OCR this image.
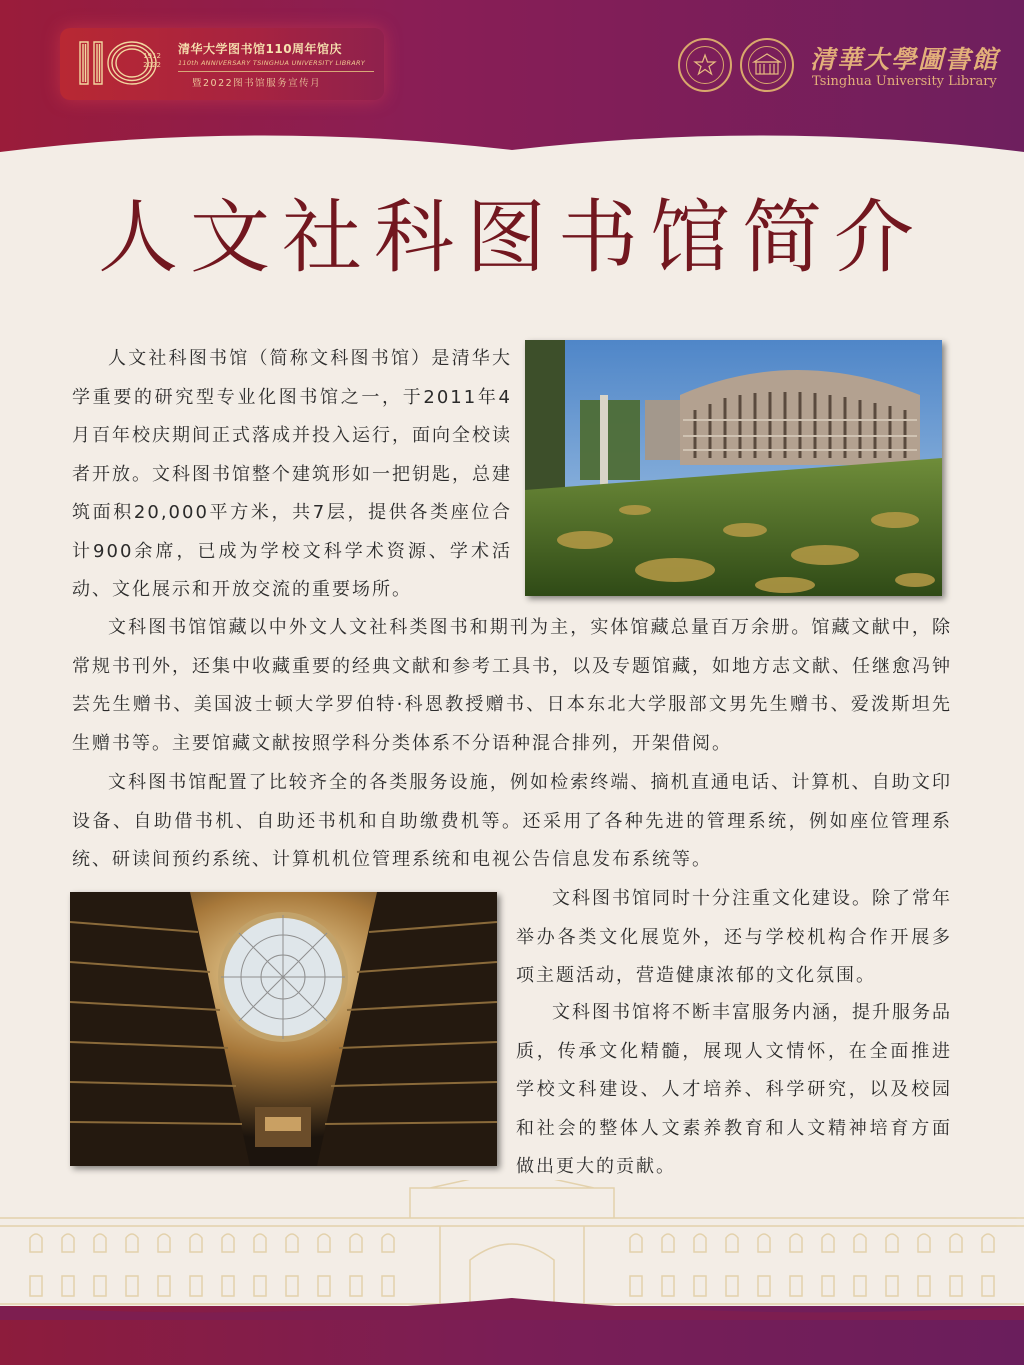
1912 2022
清华大学图书馆110周年馆庆
110th ANNIVERSARY TSINGHUA UNIVERSITY LIBRARY
暨2022图书馆服务宣传月
清華大學圖書館
Tsinghua University Library
人文社科图书馆简介

人文社科图书馆（简称文科图书馆）是清华大学重要的研究型专业化图书馆之一，于2011年4月百年校庆期间正式落成并投入运行，面向全校读者开放。文科图书馆整个建筑形如一把钥匙，总建筑面积20,000平方米，共7层，提供各类座位合计900余席，已成为学校文科学术资源、学术活动、文化展示和开放交流的重要场所。

文科图书馆馆藏以中外文人文社科类图书和期刊为主，实体馆藏总量百万余册。馆藏文献中，除常规书刊外，还集中收藏重要的经典文献和参考工具书，以及专题馆藏，如地方志文献、任继愈冯钟芸先生赠书、美国波士顿大学罗伯特·科恩教授赠书、日本东北大学服部文男先生赠书、爱泼斯坦先生赠书等。主要馆藏文献按照学科分类体系不分语种混合排列，开架借阅。

文科图书馆配置了比较齐全的各类服务设施，例如检索终端、摘机直通电话、计算机、自助文印设备、自助借书机、自助还书机和自助缴费机等。还采用了各种先进的管理系统，例如座位管理系统、研读间预约系统、计算机机位管理系统和电视公告信息发布系统等。

文科图书馆同时十分注重文化建设。除了常年举办各类文化展览外，还与学校机构合作开展多项主题活动，营造健康浓郁的文化氛围。

文科图书馆将不断丰富服务内涵，提升服务品质，传承文化精髓，展现人文情怀，在全面推进学校文科建设、人才培养、科学研究，以及校园和社会的整体人文素养教育和人文精神培育方面做出更大的贡献。
